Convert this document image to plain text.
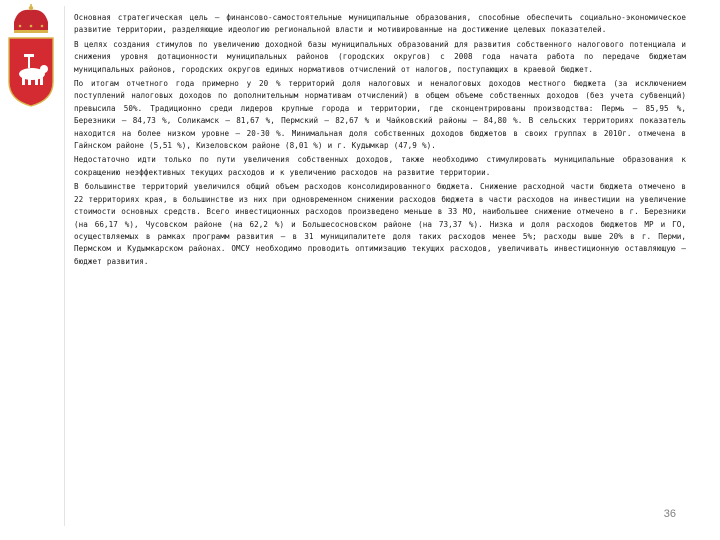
Основная стратегическая цель – финансово-самостоятельные муниципальные образования, способные обеспечить социально-экономическое развитие территории, разделяющие идеологию региональной власти и мотивированные на достижение целевых показателей.

В целях создания стимулов по увеличению доходной базы муниципальных образований для развития собственного налогового потенциала и снижения уровня дотационности муниципальных районов (городских округов) с 2008 года начата работа по передаче бюджетам муниципальных районов, городских округов единых нормативов отчислений от налогов, поступающих в краевой бюджет.

По итогам отчетного года примерно у 20 % территорий доля налоговых и неналоговых доходов местного бюджета (за исключением поступлений налоговых доходов по дополнительным нормативам отчислений) в общем объеме собственных доходов (без учета субвенций) превысила 50%. Традиционно среди лидеров крупные города и территории, где сконцентрированы производства: Пермь – 85,95 %, Березники – 84,73 %, Соликамск – 81,67 %, Пермский – 82,67 % и Чайковский районы – 84,80 %. В сельских территориях показатель находится на более низком уровне – 20-30 %. Минимальная доля собственных доходов бюджетов в своих группах в 2010г. отмечена в Гайнском районе (5,51 %), Кизеловском районе (8,01 %) и г. Кудымкар (47,9 %).

Недостаточно идти только по пути увеличения собственных доходов, также необходимо стимулировать муниципальные образования к сокращению неэффективных текущих расходов и к увеличению расходов на развитие территории.

В большинстве территорий увеличился общий объем расходов консолидированного бюджета. Снижение расходной части бюджета отмечено в 22 территориях края, в большинстве из них при одновременном снижении расходов бюджета в части расходов на инвестиции на увеличение стоимости основных средств. Всего инвестиционных расходов произведено меньше в 33 МО, наибольшее снижение отмечено в г. Березники (на 66,17 %), Чусовском районе (на 62,2 %) и Большесосновском районе (на 73,37 %). Низка и доля расходов бюджетов МР и ГО, осуществляемых в рамках программ развития – в 31 муниципалитете доля таких расходов менее 5%; расходы выше 20% в г. Перми, Пермском и Кудымкарском районах. ОМСУ необходимо проводить оптимизацию текущих расходов, увеличивать инвестиционную оставляющую – бюджет развития.

36
